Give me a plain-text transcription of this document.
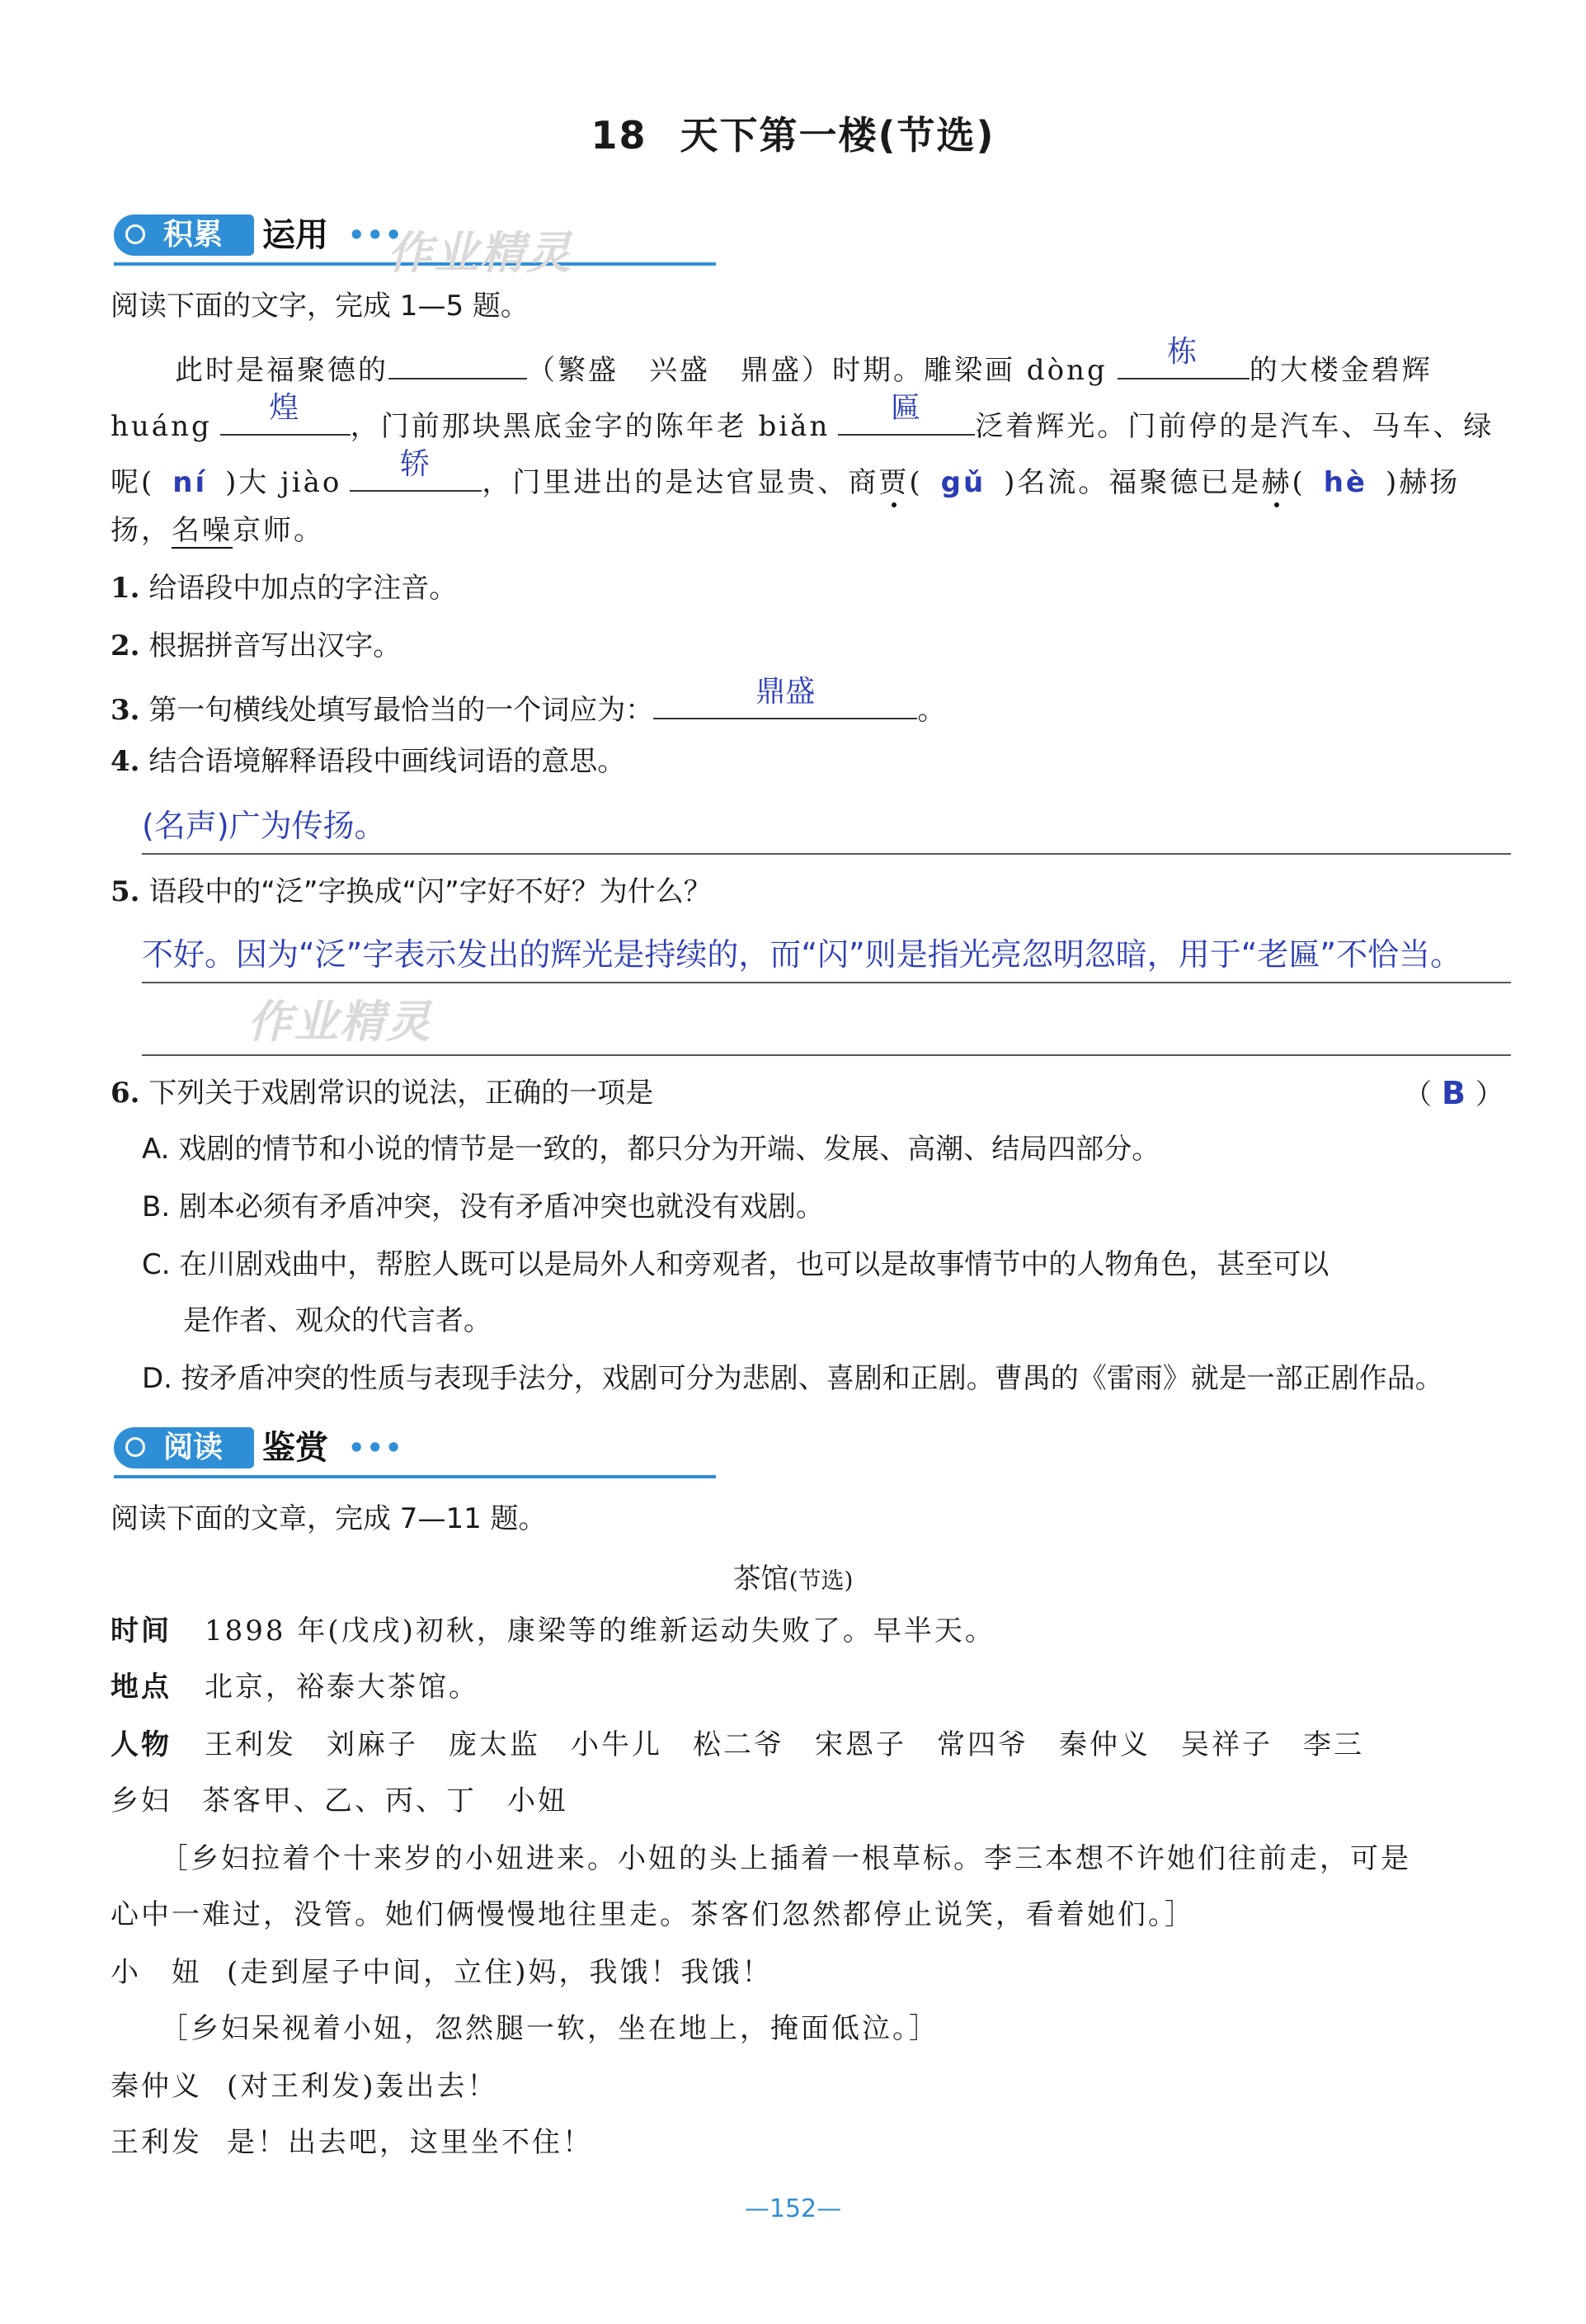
18 天下第一楼(节选)
积累 运用 •••
作业精灵
阅读下面的文字，完成 1—5 题。
此时是福聚德的	（繁盛　兴盛　鼎盛）时期。雕梁画 dòng
栋
的大楼金碧辉
huáng
煌
，门前那块黑底金字的陈年老 biǎn
匾
泛着辉光。门前停的是汽车、马车、绿
呢( ní )大 jiào
轿
，门里进出的是达官显贵、商贾( gǔ )名流。福聚德已是赫( hè )赫扬
扬，名噪京师。
1. 给语段中加点的字注音。
2. 根据拼音写出汉字。
3. 第一句横线处填写最恰当的一个词应为：
鼎盛
。
4. 结合语境解释语段中画线词语的意思。
(名声)广为传扬。
5. 语段中的“泛”字换成“闪”字好不好？为什么？
不好。因为“泛”字表示发出的辉光是持续的，而“闪”则是指光亮忽明忽暗，用于“老匾”不恰当。
作业精灵
6. 下列关于戏剧常识的说法，正确的一项是	（ B ）
A. 戏剧的情节和小说的情节是一致的，都只分为开端、发展、高潮、结局四部分。
B. 剧本必须有矛盾冲突，没有矛盾冲突也就没有戏剧。
C. 在川剧戏曲中，帮腔人既可以是局外人和旁观者，也可以是故事情节中的人物角色，甚至可以
是作者、观众的代言者。
D. 按矛盾冲突的性质与表现手法分，戏剧可分为悲剧、喜剧和正剧。曹禺的《雷雨》就是一部正剧作品。
阅读 鉴赏 •••
阅读下面的文章，完成 7—11 题。
茶馆(节选)
时间 1898 年(戊戌)初秋，康梁等的维新运动失败了。早半天。
地点 北京，裕泰大茶馆。
人物 王利发　刘麻子　庞太监　小牛儿　松二爷　宋恩子　常四爷　秦仲义　吴祥子　李三
乡妇　茶客甲、乙、丙、丁　小妞
［乡妇拉着个十来岁的小妞进来。小妞的头上插着一根草标。李三本想不许她们往前走，可是
心中一难过，没管。她们俩慢慢地往里走。茶客们忽然都停止说笑，看着她们。］
小　妞 (走到屋子中间，立住)妈，我饿！我饿！
［乡妇呆视着小妞，忽然腿一软，坐在地上，掩面低泣。］
秦仲义 (对王利发)轰出去！
王利发 是！出去吧，这里坐不住！
—152—
